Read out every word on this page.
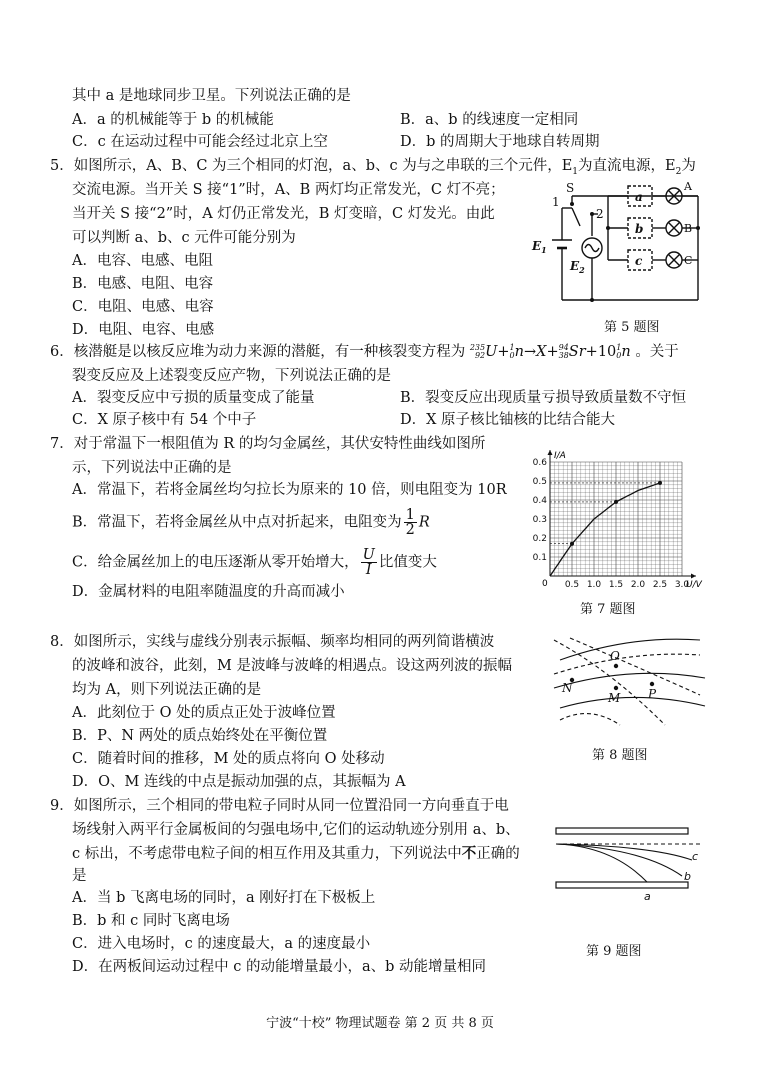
其中 a 是地球同步卫星。下列说法正确的是
A．a 的机械能等于 b 的机械能	B．a、b 的线速度一定相同
C．c 在运动过程中可能会经过北京上空	D．b 的周期大于地球自转周期
5．如图所示，A、B、C 为三个相同的灯泡，a、b、c 为与之串联的三个元件，$E_1$为直流电源，$E_2$为
交流电源。当开关 S 接“1”时，A、B 两灯均正常发光，C 灯不亮；
当开关 S 接“2”时，A 灯仍正常发光，B 灯变暗，C 灯发光。由此
可以判断 a、b、c 元件可能分别为
A．电容、电感、电阻
B．电感、电阻、电容
C．电阻、电感、电容
D．电阻、电容、电感
S
1
2
$E_1$
$E_2$
a
b
c
A
B
C
第 5 题图
6．核潜艇是以核反应堆为动力来源的潜艇，有一种核裂变方程为 235
92 U+ 1
0 n→X+ 94
38 Sr+10 1
0 n 。关于
裂变反应及上述裂变反应产物，下列说法正确的是
A．裂变反应中亏损的质量变成了能量	B．裂变反应出现质量亏损导致质量数不守恒
C．X 原子核中有 54 个中子	D．X 原子核比铀核的比结合能大
7．对于常温下一根阻值为 R 的均匀金属丝，其伏安特性曲线如图所
示，下列说法中正确的是
A．常温下，若将金属丝均匀拉长为原来的 10 倍，则电阻变为 10R
B．常温下，若将金属丝从中点对折起来，电阻变为 $\frac{1}{2}$ R
C．给金属丝加上的电压逐渐从零开始增大， $\frac{U}{I}$ 比值变大
D．金属材料的电阻率随温度的升高而减小	0.5 1.0 1.5 2.0 2.5 3.0
0.1
0.2
0.3
0.4
0.5
0.6
I/A
U/V
0
第 7 题图
8．如图所示，实线与虚线分别表示振幅、频率均相同的两列简谐横波
的波峰和波谷，此刻，M 是波峰与波峰的相遇点。设这两列波的振幅
均为 A，则下列说法正确的是
A．此刻位于 O 处的质点正处于波峰位置
B．P、N 两处的质点始终处在平衡位置
C．随着时间的推移，M 处的质点将向 O 处移动
D．O、M 连线的中点是振动加强的点，其振幅为 A
O
N
M P
第 8 题图
9．如图所示，三个相同的带电粒子同时从同一位置沿同一方向垂直于电
场线射入两平行金属板间的匀强电场中,它们的运动轨迹分别用 a、b、
c 标出，不考虑带电粒子间的相互作用及其重力，下列说法中不正确的
是
A．当 b 飞离电场的同时，a 刚好打在下极板上
B．b 和 c 同时飞离电场
C．进入电场时，c 的速度最大，a 的速度最小
D．在两板间运动过程中 c 的动能增量最小，a、b 动能增量相同
a
b
c
第 9 题图
宁波“十校” 物理试题卷 第 2 页 共 8 页
